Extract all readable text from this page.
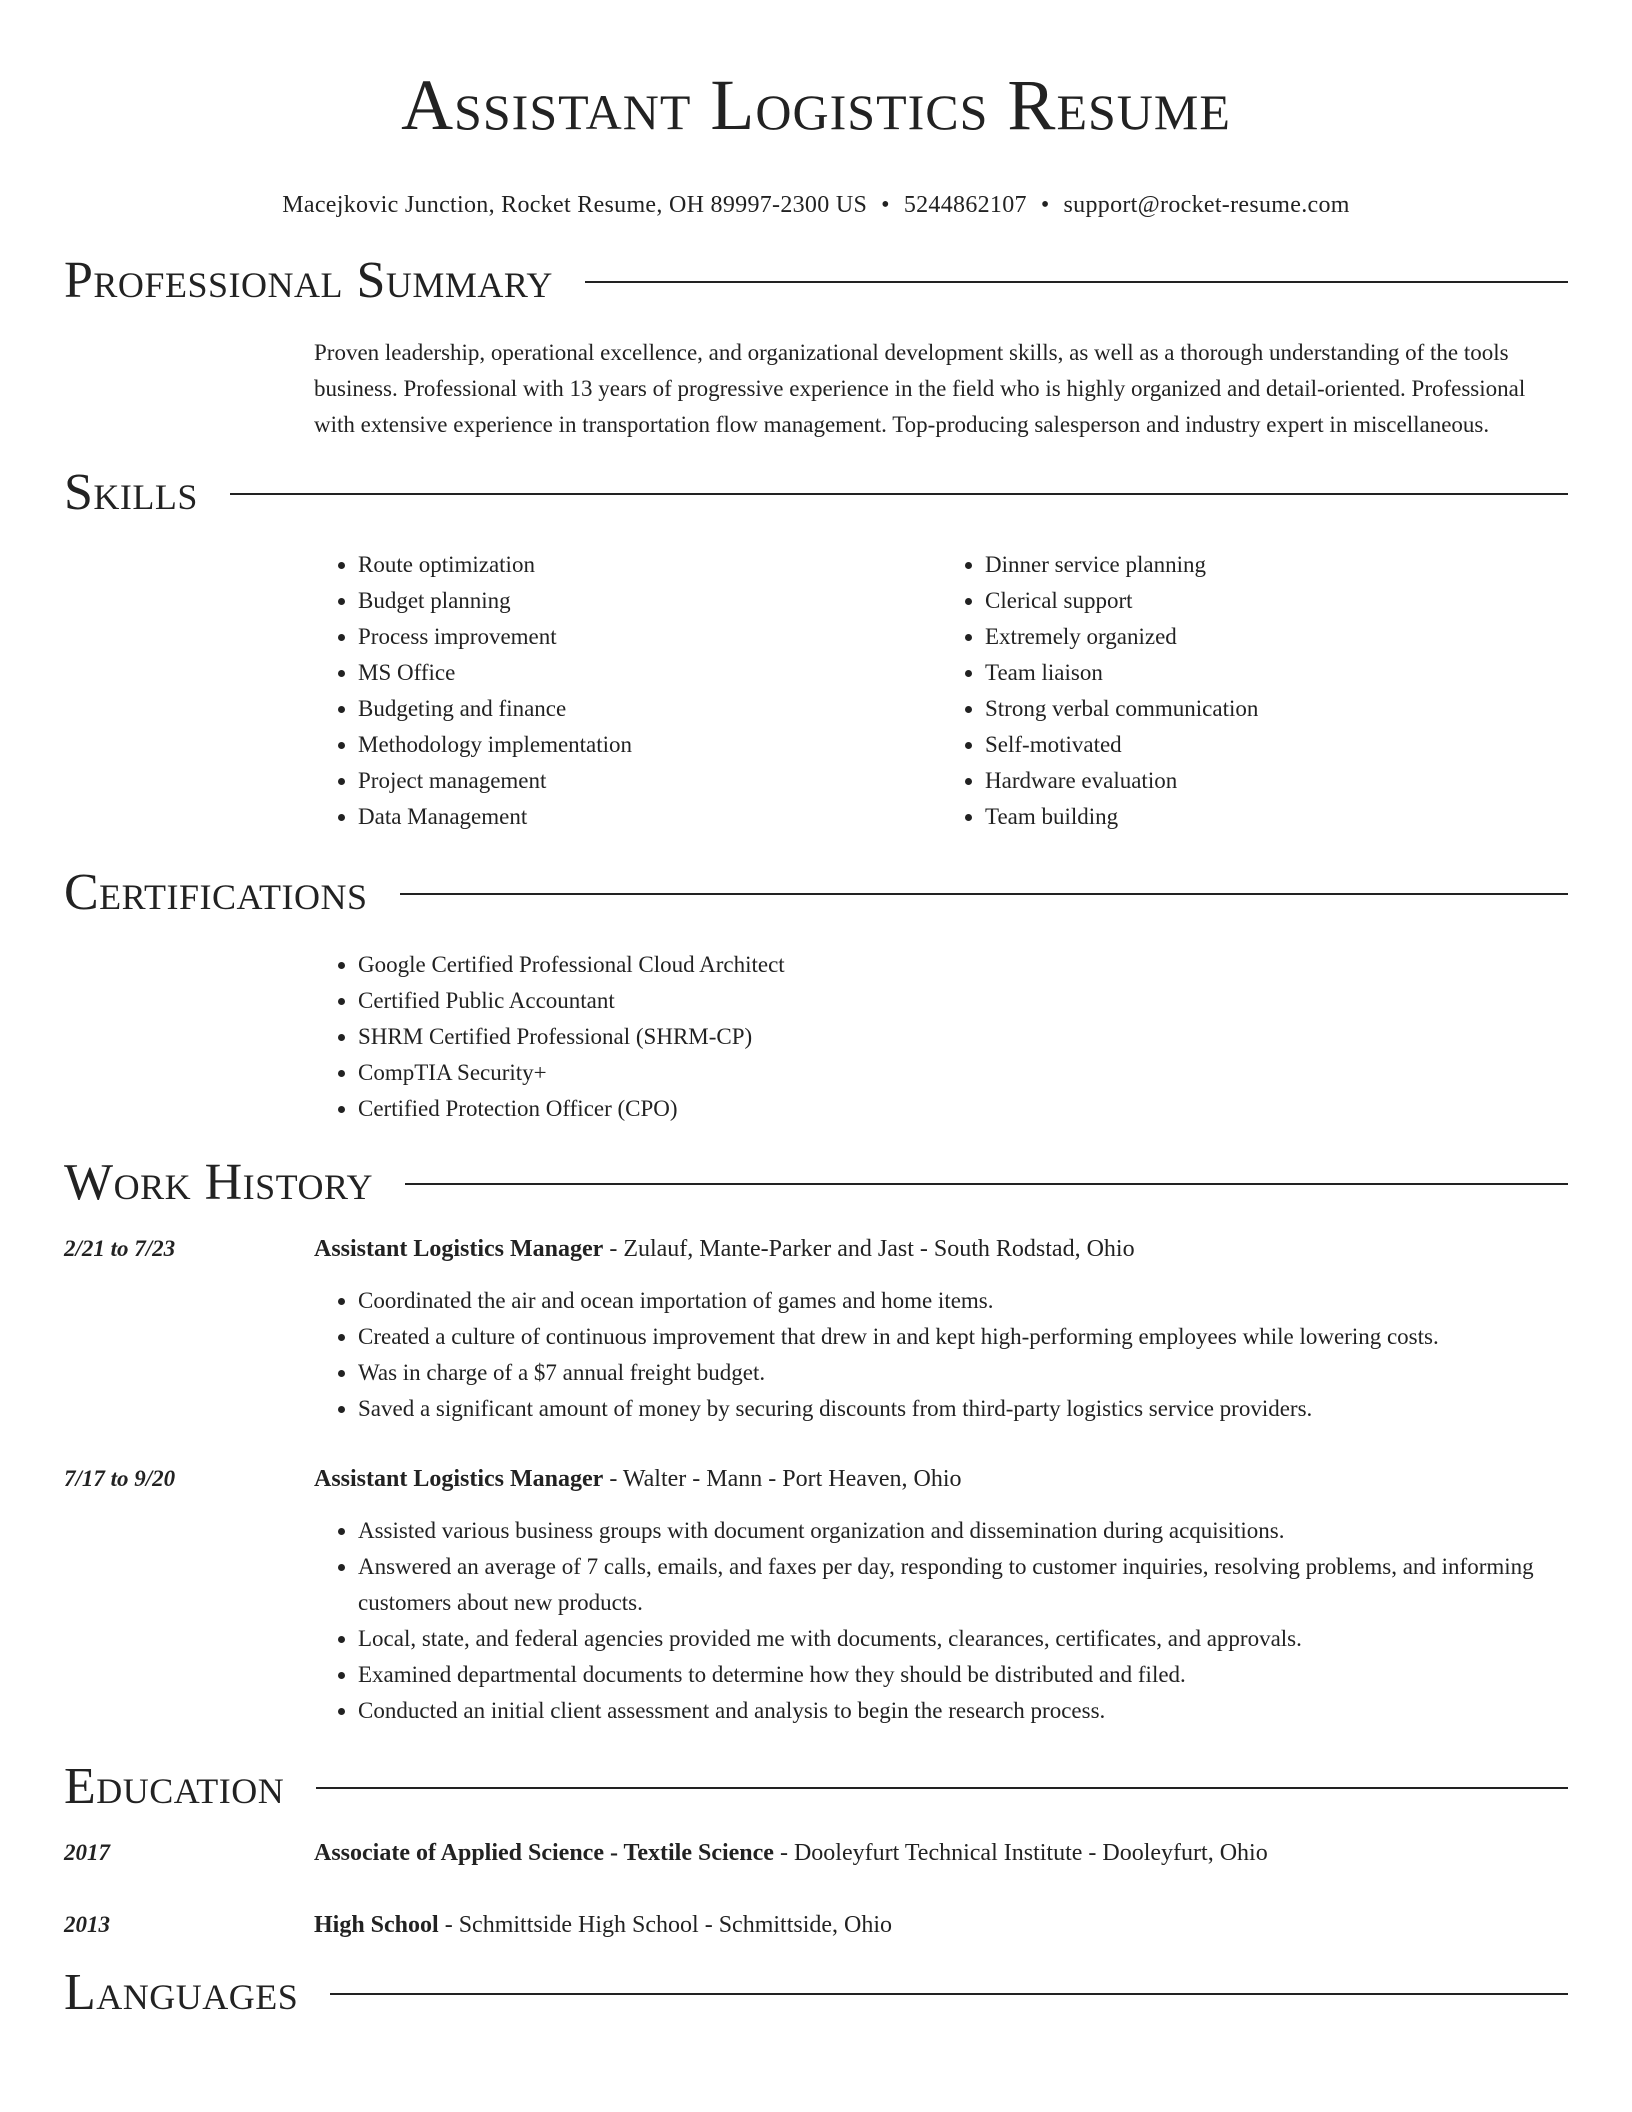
Assistant Logistics Resume
Macejkovic Junction, Rocket Resume, OH 89997-2300 US • 5244862107 • support@rocket-resume.com
Professional Summary
Proven leadership, operational excellence, and organizational development skills, as well as a thorough understanding of the tools business. Professional with 13 years of progressive experience in the field who is highly organized and detail-oriented. Professional with extensive experience in transportation flow management. Top-producing salesperson and industry expert in miscellaneous.
Skills
• Route optimization
• Budget planning
• Process improvement
• MS Office
• Budgeting and finance
• Methodology implementation
• Project management
• Data Management
• Dinner service planning
• Clerical support
• Extremely organized
• Team liaison
• Strong verbal communication
• Self-motivated
• Hardware evaluation
• Team building
Certifications
• Google Certified Professional Cloud Architect
• Certified Public Accountant
• SHRM Certified Professional (SHRM-CP)
• CompTIA Security+
• Certified Protection Officer (CPO)
Work History
2/21 to 7/23	Assistant Logistics Manager - Zulauf, Mante-Parker and Jast - South Rodstad, Ohio
• Coordinated the air and ocean importation of games and home items.
• Created a culture of continuous improvement that drew in and kept high-performing employees while lowering costs.
• Was in charge of a $7 annual freight budget.
• Saved a significant amount of money by securing discounts from third-party logistics service providers.
7/17 to 9/20	Assistant Logistics Manager - Walter - Mann - Port Heaven, Ohio
• Assisted various business groups with document organization and dissemination during acquisitions.
• Answered an average of 7 calls, emails, and faxes per day, responding to customer inquiries, resolving problems, and informing customers about new products.
• Local, state, and federal agencies provided me with documents, clearances, certificates, and approvals.
• Examined departmental documents to determine how they should be distributed and filed.
• Conducted an initial client assessment and analysis to begin the research process.
Education
2017	Associate of Applied Science - Textile Science - Dooleyfurt Technical Institute - Dooleyfurt, Ohio
2013	High School - Schmittside High School - Schmittside, Ohio
Languages
